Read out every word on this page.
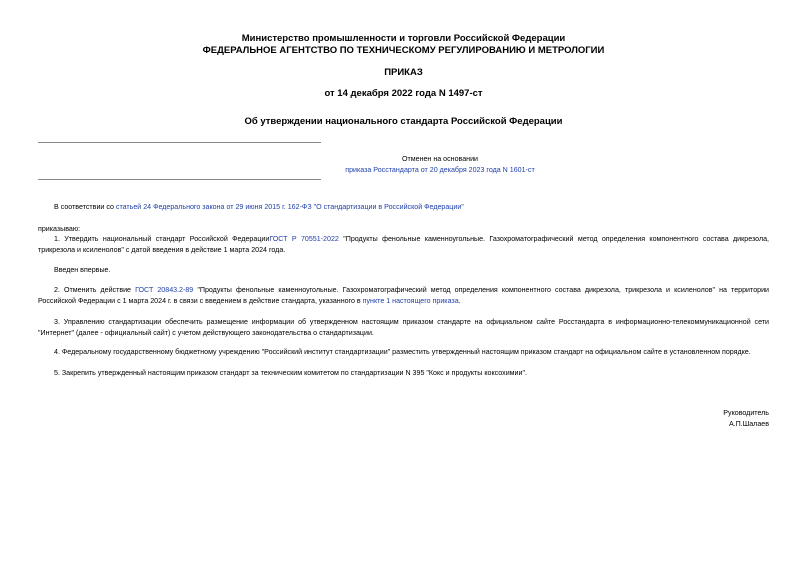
Министерство промышленности и торговли Российской Федерации
ФЕДЕРАЛЬНОЕ АГЕНТСТВО ПО ТЕХНИЧЕСКОМУ РЕГУЛИРОВАНИЮ И МЕТРОЛОГИИ
ПРИКАЗ
от 14 декабря 2022 года N 1497-ст
Об утверждении национального стандарта Российской Федерации
Отменен на основании
приказа Росстандарта от 20 декабря 2023 года N 1601-ст
В соответствии со статьей 24 Федерального закона от 29 июня 2015 г. 162-ФЗ "О стандартизации в Российской Федерации"
приказываю:
1. Утвердить национальный стандарт Российской ФедерацииГОСТ Р 70551-2022 "Продукты фенольные каменноугольные. Газохроматографический метод определения компонентного состава дикрезола, трикрезола и ксиленолов" с датой введения в действие 1 марта 2024 года.
Введен впервые.
2. Отменить действие ГОСТ 20843.2-89 "Продукты фенольные каменноугольные. Газохроматографический метод определения компонентного состава дикрезола, трикрезола и ксиленолов" на территории Российской Федерации с 1 марта 2024 г. в связи с введением в действие стандарта, указанного в пункте 1 настоящего приказа.
3. Управлению стандартизации обеспечить размещение информации об утвержденном настоящим приказом стандарте на официальном сайте Росстандарта в информационно-телекоммуникационной сети "Интернет" (далее - официальный сайт) с учетом действующего законодательства о стандартизации.
4. Федеральному государственному бюджетному учреждению "Российский институт стандартизации" разместить утвержденный настоящим приказом стандарт на официальном сайте в установленном порядке.
5. Закрепить утвержденный настоящим приказом стандарт за техническим комитетом по стандартизации N 395 "Кокс и продукты коксохимии".
Руководитель
А.П.Шалаев
